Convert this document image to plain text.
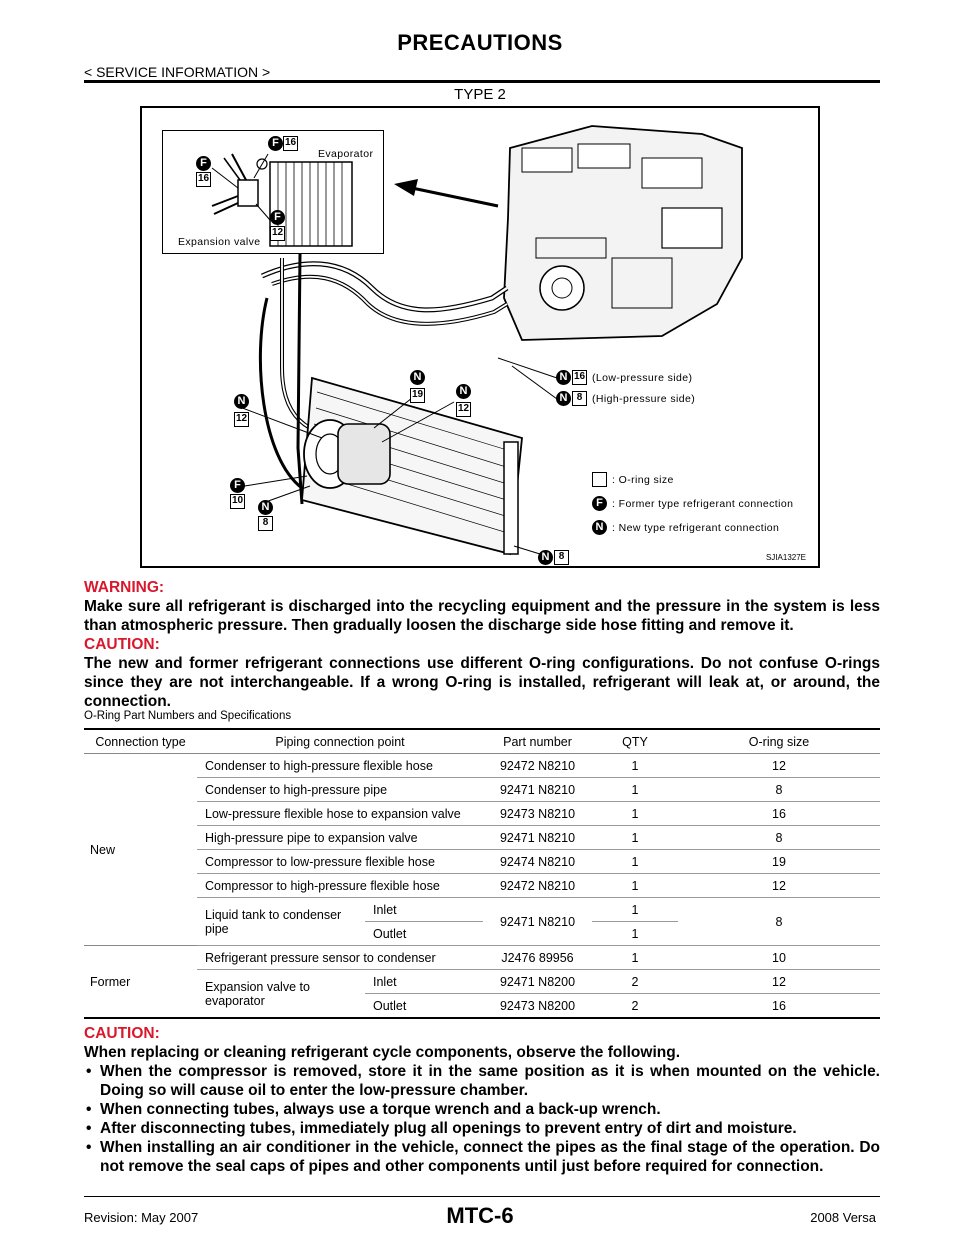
PRECAUTIONS
< SERVICE INFORMATION >
TYPE 2
Evaporator
Expansion valve
F 16
F
16
F
12
N
12
N
19	N
12
F
10
N
8
N 8
N 16 (Low-pressure side)
N 8 (High-pressure side)
: O-ring size
F : Former type refrigerant connection
N : New type refrigerant connection
SJIA1327E
WARNING:
Make sure all refrigerant is discharged into the recycling equipment and the pressure in the system is less than atmospheric pressure. Then gradually loosen the discharge side hose fitting and remove it.
CAUTION:
The new and former refrigerant connections use different O-ring configurations. Do not confuse O-rings since they are not interchangeable. If a wrong O-ring is installed, refrigerant will leak at, or around, the connection.
O-Ring Part Numbers and Specifications
Connection type	Piping connection point		Part number	QTY	O-ring size
New	Condenser to high-pressure flexible hose		92472 N8210	1	12
	Condenser to high-pressure pipe		92471 N8210	1	8
	Low-pressure flexible hose to expansion valve		92473 N8210	1	16
	High-pressure pipe to expansion valve		92471 N8210	1	8
	Compressor to low-pressure flexible hose		92474 N8210	1	19
	Compressor to high-pressure flexible hose		92472 N8210	1	12
	Liquid tank to condenser pipe	Inlet	92471 N8210	1	8
		Outlet		1	
Former	Refrigerant pressure sensor to condenser		J2476 89956	1	10
	Expansion valve to evaporator	Inlet	92471 N8200	2	12
		Outlet	92473 N8200	2	16
CAUTION:
When replacing or cleaning refrigerant cycle components, observe the following.
• When the compressor is removed, store it in the same position as it is when mounted on the vehicle. Doing so will cause oil to enter the low-pressure chamber.
• When connecting tubes, always use a torque wrench and a back-up wrench.
• After disconnecting tubes, immediately plug all openings to prevent entry of dirt and moisture.
• When installing an air conditioner in the vehicle, connect the pipes as the final stage of the operation. Do not remove the seal caps of pipes and other components until just before required for connection.
Revision: May 2007	MTC-6	2008 Versa
